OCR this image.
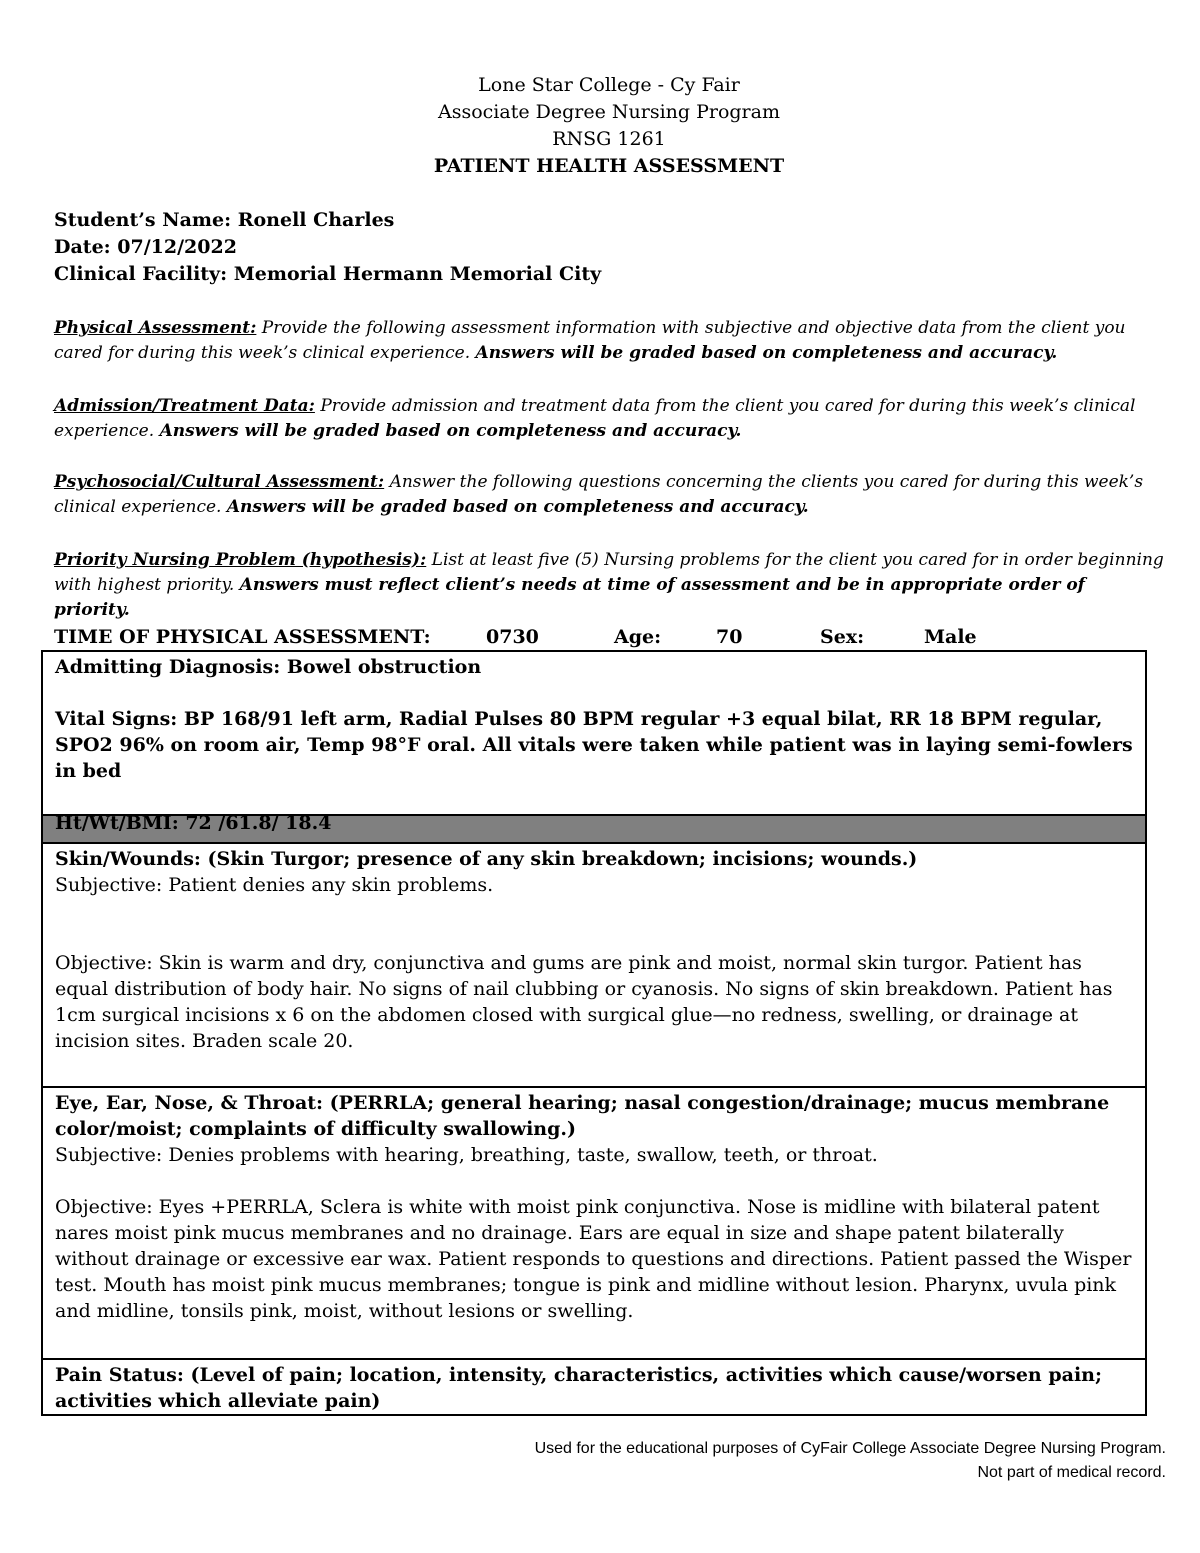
Lone Star College - Cy Fair
Associate Degree Nursing Program
RNSG 1261
PATIENT HEALTH ASSESSMENT
Student’s Name: Ronell Charles
Date: 07/12/2022
Clinical Facility: Memorial Hermann Memorial City
Physical Assessment: Provide the following assessment information with subjective and objective data from the client you cared for during this week’s clinical experience. Answers will be graded based on completeness and accuracy.
Admission/Treatment Data: Provide admission and treatment data from the client you cared for during this week’s clinical experience. Answers will be graded based on completeness and accuracy.
Psychosocial/Cultural Assessment: Answer the following questions concerning the clients you cared for during this week’s clinical experience. Answers will be graded based on completeness and accuracy.
Priority Nursing Problem (hypothesis): List at least five (5) Nursing problems for the client you cared for in order beginning with highest priority. Answers must reflect client’s needs at time of assessment and be in appropriate order of priority.
TIME OF PHYSICAL ASSESSMENT:	0730	Age:	70	Sex:	Male
Admitting Diagnosis: Bowel obstruction
Vital Signs: BP 168/91 left arm, Radial Pulses 80 BPM regular +3 equal bilat, RR 18 BPM regular, SPO2 96% on room air, Temp 98°F oral. All vitals were taken while patient was in laying semi-fowlers in bed
Ht/Wt/BMI: 72 /61.8/ 18.4
Skin/Wounds: (Skin Turgor; presence of any skin breakdown; incisions; wounds.)
Subjective: Patient denies any skin problems.
Objective: Skin is warm and dry, conjunctiva and gums are pink and moist, normal skin turgor. Patient has equal distribution of body hair. No signs of nail clubbing or cyanosis. No signs of skin breakdown. Patient has 1cm surgical incisions x 6 on the abdomen closed with surgical glue—no redness, swelling, or drainage at incision sites. Braden scale 20.
Eye, Ear, Nose, & Throat: (PERRLA; general hearing; nasal congestion/drainage; mucus membrane color/moist; complaints of difficulty swallowing.)
Subjective: Denies problems with hearing, breathing, taste, swallow, teeth, or throat.
Objective: Eyes +PERRLA, Sclera is white with moist pink conjunctiva. Nose is midline with bilateral patent nares moist pink mucus membranes and no drainage. Ears are equal in size and shape patent bilaterally without drainage or excessive ear wax. Patient responds to questions and directions. Patient passed the Wisper test. Mouth has moist pink mucus membranes; tongue is pink and midline without lesion. Pharynx, uvula pink and midline, tonsils pink, moist, without lesions or swelling.
Pain Status: (Level of pain; location, intensity, characteristics, activities which cause/worsen pain; activities which alleviate pain)
Used for the educational purposes of CyFair College Associate Degree Nursing Program.
Not part of medical record.
